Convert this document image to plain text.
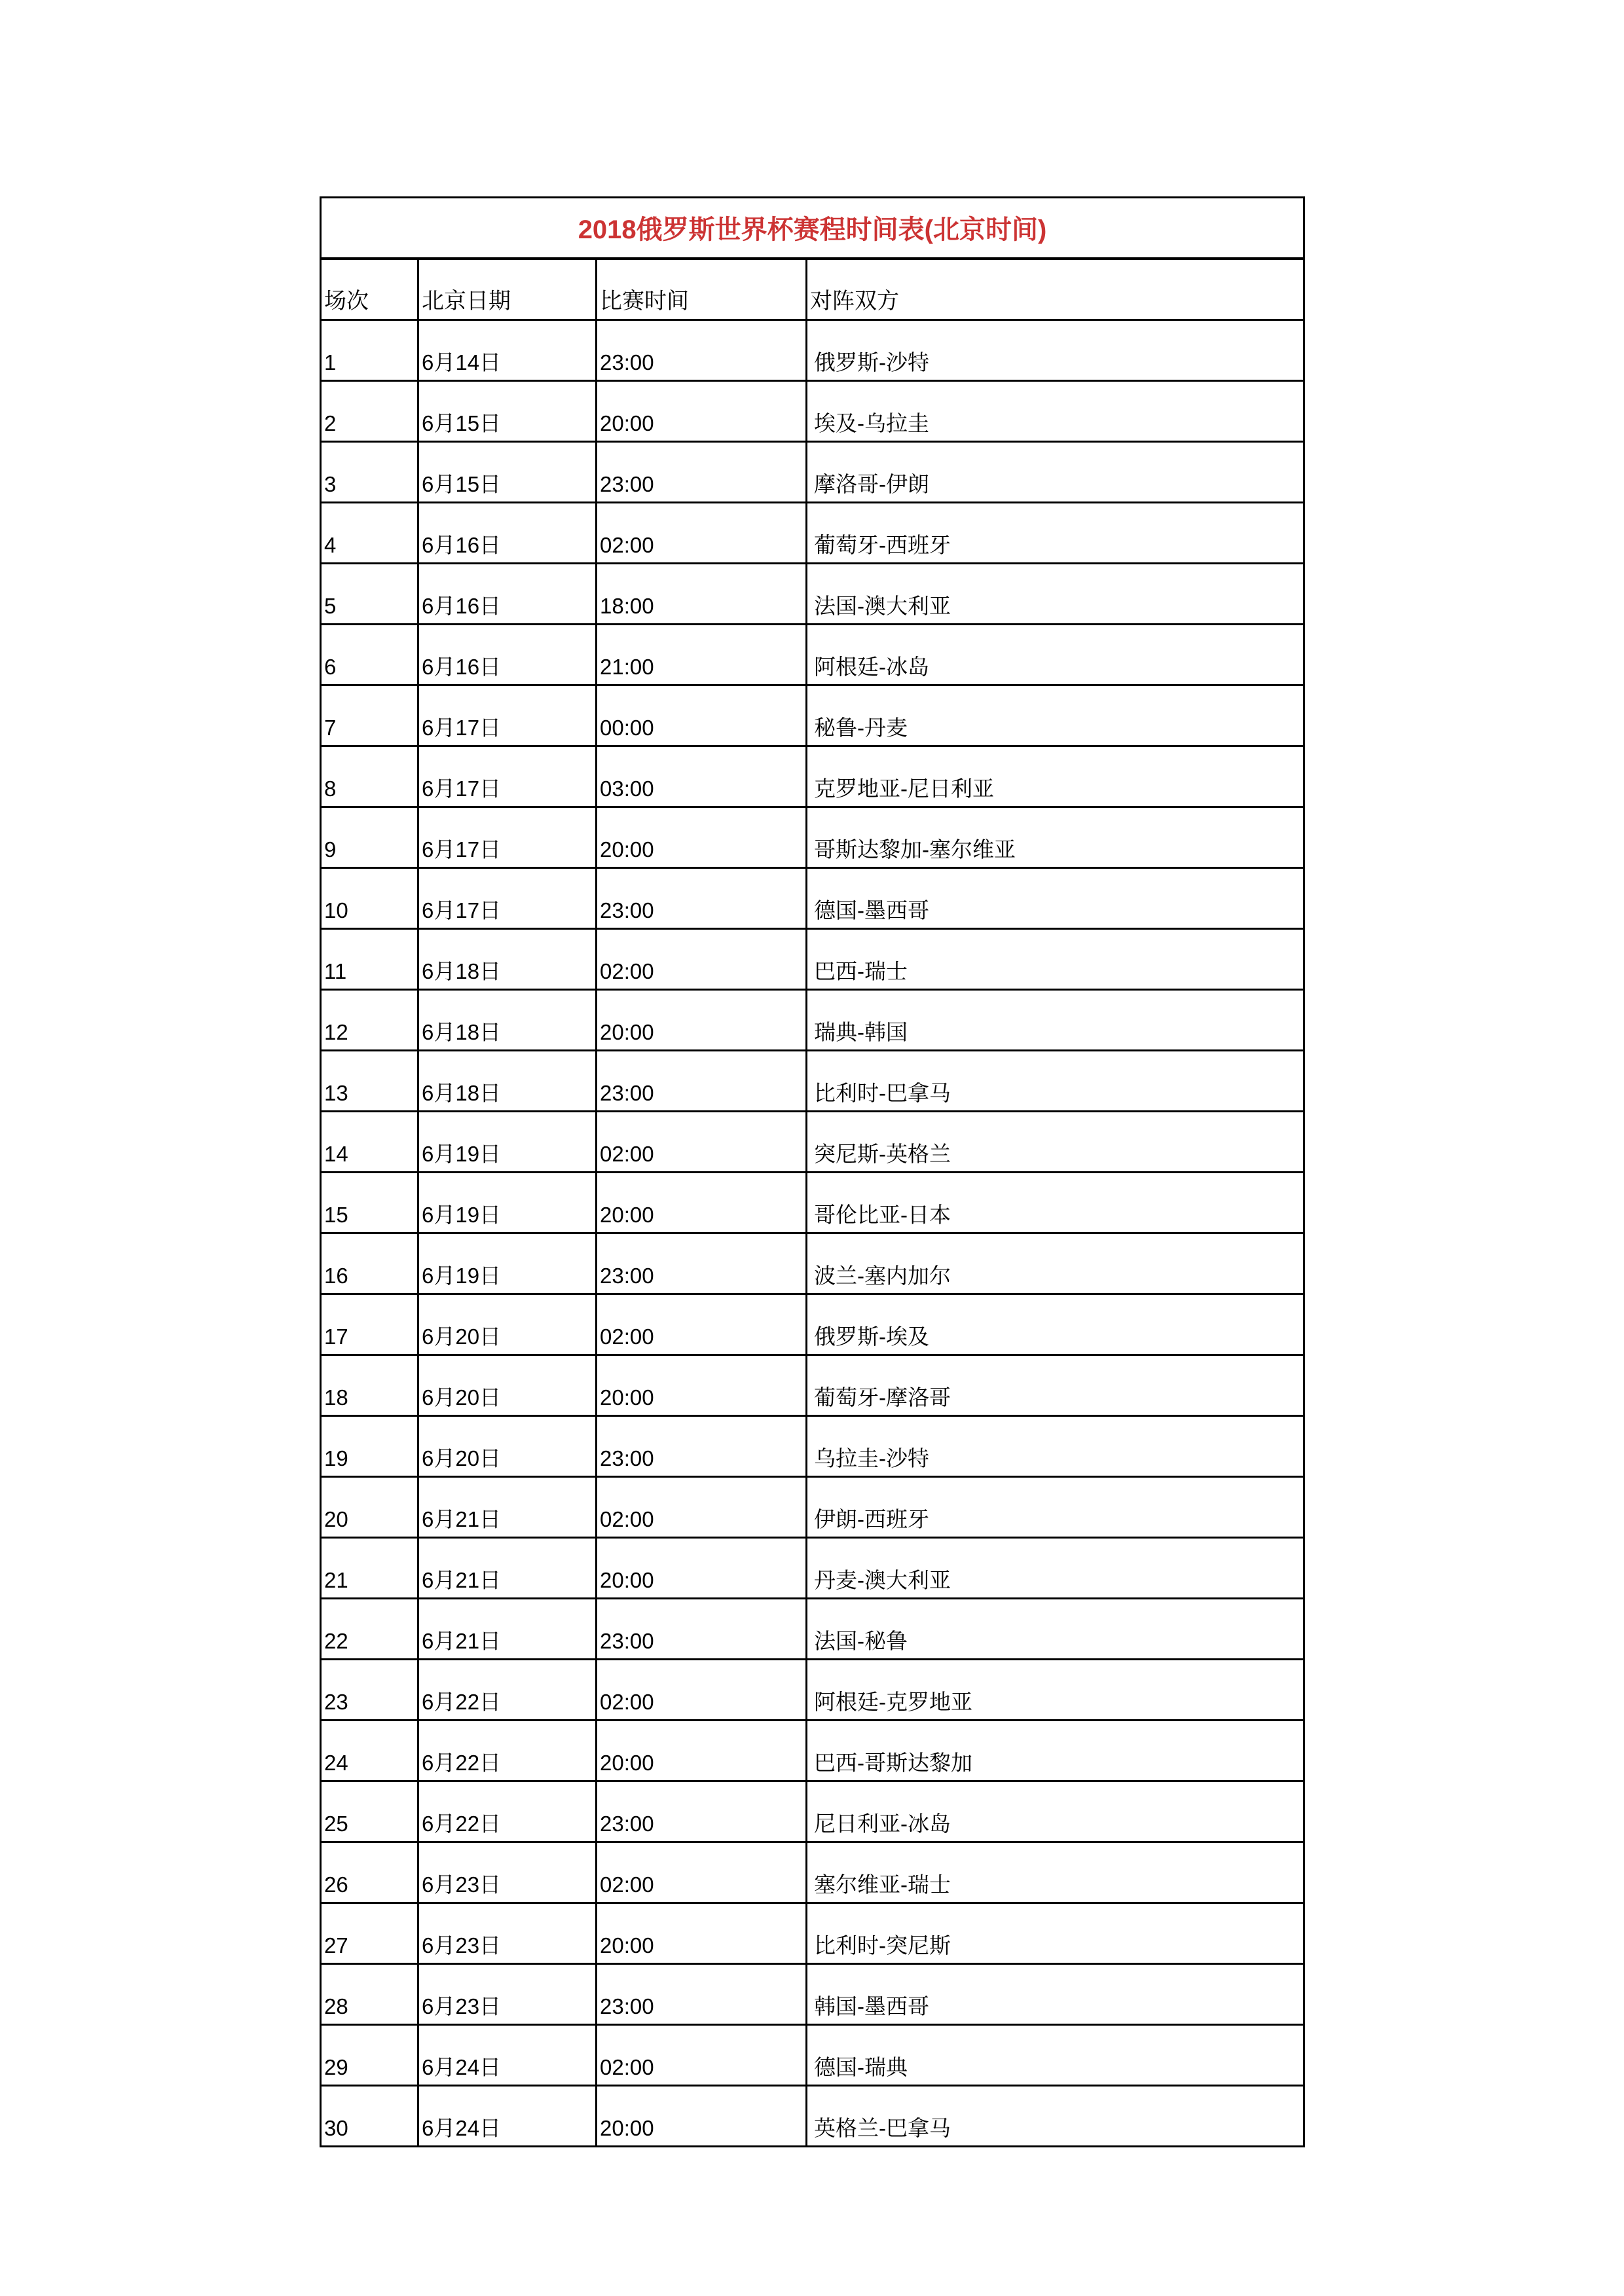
2018俄罗斯世界杯赛程时间表(北京时间)			

场次	北京日期	比赛时间	对阵双方

1	6月14日	23:00	俄罗斯-沙特

2	6月15日	20:00	埃及-乌拉圭

3	6月15日	23:00	摩洛哥-伊朗

4	6月16日	02:00	葡萄牙-西班牙

5	6月16日	18:00	法国-澳大利亚

6	6月16日	21:00	阿根廷-冰岛

7	6月17日	00:00	秘鲁-丹麦

8	6月17日	03:00	克罗地亚-尼日利亚

9	6月17日	20:00	哥斯达黎加-塞尔维亚

10	6月17日	23:00	德国-墨西哥

11	6月18日	02:00	巴西-瑞士

12	6月18日	20:00	瑞典-韩国

13	6月18日	23:00	比利时-巴拿马

14	6月19日	02:00	突尼斯-英格兰

15	6月19日	20:00	哥伦比亚-日本

16	6月19日	23:00	波兰-塞内加尔

17	6月20日	02:00	俄罗斯-埃及

18	6月20日	20:00	葡萄牙-摩洛哥

19	6月20日	23:00	乌拉圭-沙特

20	6月21日	02:00	伊朗-西班牙

21	6月21日	20:00	丹麦-澳大利亚

22	6月21日	23:00	法国-秘鲁

23	6月22日	02:00	阿根廷-克罗地亚

24	6月22日	20:00	巴西-哥斯达黎加

25	6月22日	23:00	尼日利亚-冰岛

26	6月23日	02:00	塞尔维亚-瑞士

27	6月23日	20:00	比利时-突尼斯

28	6月23日	23:00	韩国-墨西哥

29	6月24日	02:00	德国-瑞典

30	6月24日	20:00	英格兰-巴拿马
